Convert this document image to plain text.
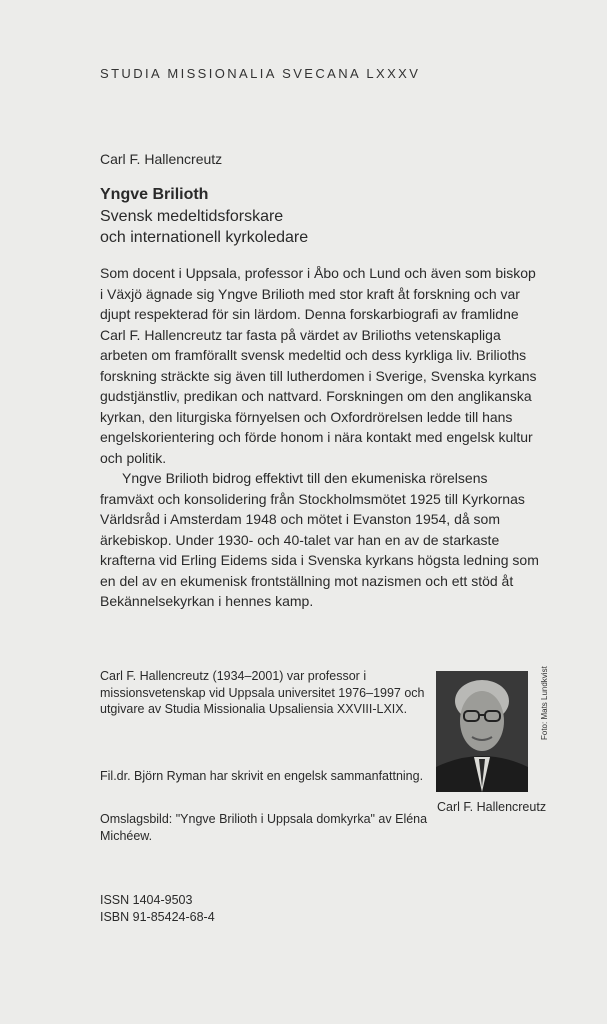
STUDIA MISSIONALIA SVECANA LXXXV
Carl F. Hallencreutz
Yngve Brilioth
Svensk medeltidsforskare
och internationell kyrkoledare

Som docent i Uppsala, professor i Åbo och Lund och även som biskop i Växjö ägnade sig Yngve Brilioth med stor kraft åt forskning och var djupt respekterad för sin lärdom. Denna forskarbiografi av framlidne Carl F. Hallencreutz tar fasta på värdet av Brilioths vetenskapliga arbeten om framförallt svensk medeltid och dess kyrkliga liv. Brilioths forskning sträckte sig även till lutherdomen i Sverige, Svenska kyrkans gudstjänstliv, predikan och nattvard. Forskningen om den anglikanska kyrkan, den liturgiska förnyelsen och Oxfordrörelsen ledde till hans engelskorientering och förde honom i nära kontakt med engelsk kultur och politik.

Yngve Brilioth bidrog effektivt till den ekumeniska rörelsens framväxt och konsolidering från Stockholmsmötet 1925 till Kyrkornas Världsråd i Amsterdam 1948 och mötet i Evanston 1954, då som ärkebiskop. Under 1930- och 40-talet var han en av de starkaste krafterna vid Erling Eidems sida i Svenska kyrkans högsta ledning som en del av en ekumenisk frontställning mot nazismen och ett stöd åt Bekännelsekyrkan i hennes kamp.

Carl F. Hallencreutz (1934–2001) var professor i missionsvetenskap vid Uppsala universitet 1976–1997 och utgivare av Studia Missionalia Upsaliensia XXVIII-LXIX.	Foto: Mats Lundkvist
Carl F. Hallencreutz
Fil.dr. Björn Ryman har skrivit en engelsk sammanfattning.
Omslagsbild: "Yngve Brilioth i Uppsala domkyrka" av Eléna Michéew.
ISSN 1404-9503
ISBN 91-85424-68-4
